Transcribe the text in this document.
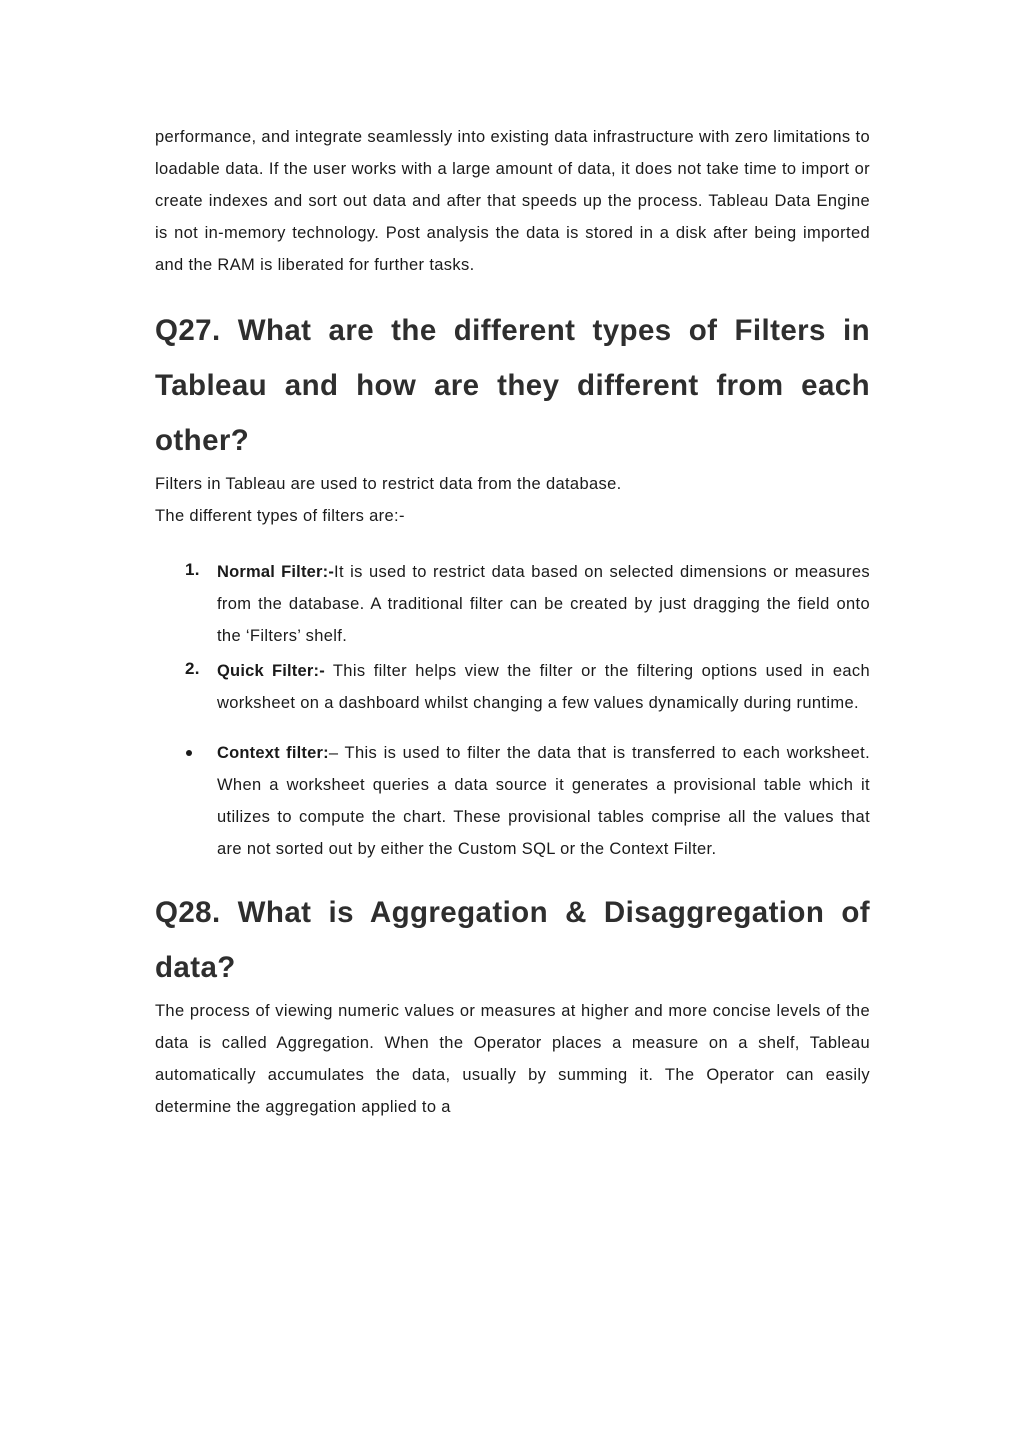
performance, and integrate seamlessly into existing data infrastructure with zero limitations to loadable data. If the user works with a large amount of data, it does not take time to import or create indexes and sort out data and after that speeds up the process. Tableau Data Engine is not in-memory technology. Post analysis the data is stored in a disk after being imported and the RAM is liberated for further tasks.

Q27. What are the different types of Filters in Tableau and how are they different from each other?

Filters in Tableau are used to restrict data from the database.

The different types of filters are:-

1. Normal Filter:-It is used to restrict data based on selected dimensions or measures from the database. A traditional filter can be created by just dragging the field onto the ‘Filters’ shelf.
2. Quick Filter:- This filter helps view the filter or the filtering options used in each worksheet on a dashboard whilst changing a few values dynamically during runtime.
Context filter:– This is used to filter the data that is transferred to each worksheet. When a worksheet queries a data source it generates a provisional table which it utilizes to compute the chart. These provisional tables comprise all the values that are not sorted out by either the Custom SQL or the Context Filter.
Q28. What is Aggregation & Disaggregation of data?

The process of viewing numeric values or measures at higher and more concise levels of the data is called Aggregation. When the Operator places a measure on a shelf, Tableau automatically accumulates the data, usually by summing it. The Operator can easily determine the aggregation applied to a
